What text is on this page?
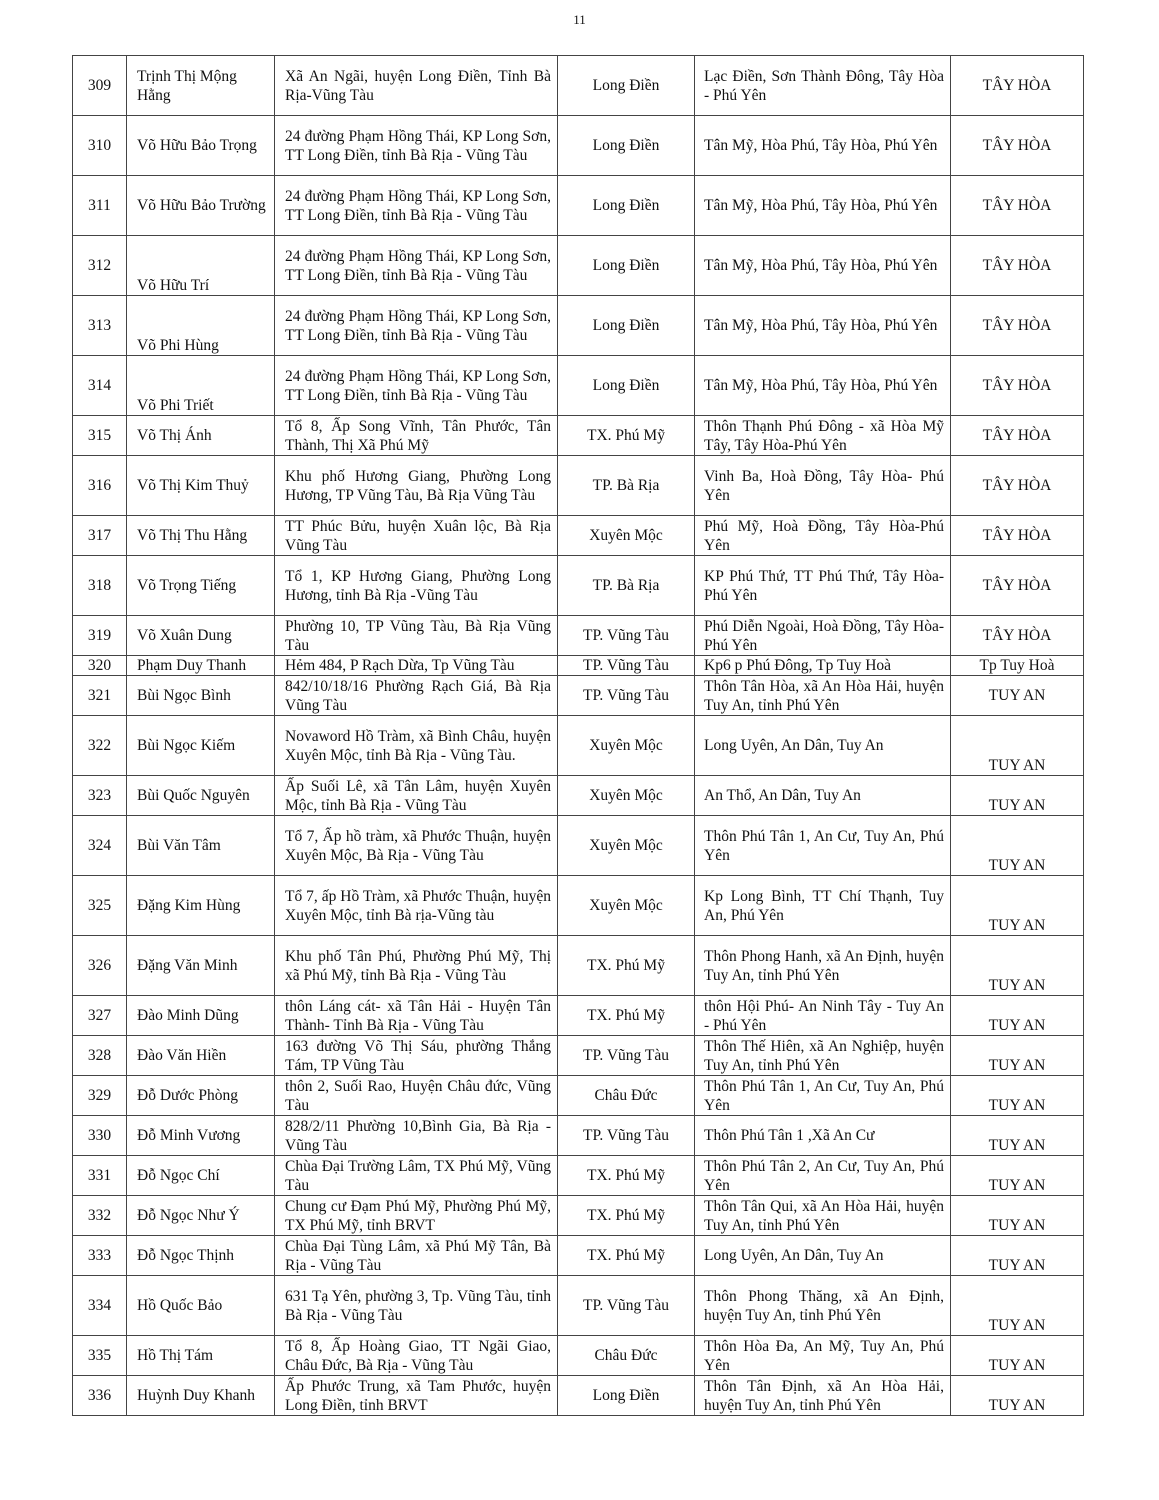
11
309	Trịnh Thị Mộng Hằng	Xã An Ngãi, huyện Long Điền, Tỉnh Bà Rịa-Vũng Tàu	Long Điền	Lạc Điền, Sơn Thành Đông, Tây Hòa - Phú Yên	TÂY HÒA
310	Võ Hữu Bảo Trọng	24 đường Phạm Hồng Thái, KP Long Sơn, TT Long Điền, tỉnh Bà Rịa - Vũng Tàu	Long Điền	Tân Mỹ, Hòa Phú, Tây Hòa, Phú Yên	TÂY HÒA
311	Võ Hữu Bảo Trường	24 đường Phạm Hồng Thái, KP Long Sơn, TT Long Điền, tỉnh Bà Rịa - Vũng Tàu	Long Điền	Tân Mỹ, Hòa Phú, Tây Hòa, Phú Yên	TÂY HÒA
312	Võ Hữu Trí	24 đường Phạm Hồng Thái, KP Long Sơn, TT Long Điền, tỉnh Bà Rịa - Vũng Tàu	Long Điền	Tân Mỹ, Hòa Phú, Tây Hòa, Phú Yên	TÂY HÒA
313	Võ Phi Hùng	24 đường Phạm Hồng Thái, KP Long Sơn, TT Long Điền, tỉnh Bà Rịa - Vũng Tàu	Long Điền	Tân Mỹ, Hòa Phú, Tây Hòa, Phú Yên	TÂY HÒA
314	Võ Phi Triết	24 đường Phạm Hồng Thái, KP Long Sơn, TT Long Điền, tỉnh Bà Rịa - Vũng Tàu	Long Điền	Tân Mỹ, Hòa Phú, Tây Hòa, Phú Yên	TÂY HÒA
315	Võ Thị Ánh	Tổ 8, Ấp Song Vĩnh, Tân Phước, Tân Thành, Thị Xã Phú Mỹ	TX. Phú Mỹ	Thôn Thạnh Phú Đông - xã Hòa Mỹ Tây, Tây Hòa-Phú Yên	TÂY HÒA
316	Võ Thị Kim Thuỷ	Khu phố Hương Giang, Phường Long Hương, TP Vũng Tàu, Bà Rịa Vũng Tàu	TP. Bà Rịa	Vinh Ba, Hoà Đồng, Tây Hòa- Phú Yên	TÂY HÒA
317	Võ Thị Thu Hằng	TT Phúc Bửu, huyện Xuân lộc, Bà Rịa Vũng Tàu	Xuyên Mộc	Phú Mỹ, Hoà Đồng, Tây Hòa-Phú Yên	TÂY HÒA
318	Võ Trọng Tiếng	Tổ 1, KP Hương Giang, Phường Long Hương, tỉnh Bà Rịa -Vũng Tàu	TP. Bà Rịa	KP Phú Thứ, TT Phú Thứ, Tây Hòa-Phú Yên	TÂY HÒA
319	Võ Xuân Dung	Phường 10, TP Vũng Tàu, Bà Rịa Vũng Tàu	TP. Vũng Tàu	Phú Diễn Ngoài, Hoà Đồng, Tây Hòa- Phú Yên	TÂY HÒA
320	Phạm Duy Thanh	Hẻm 484, P Rạch Dừa, Tp Vũng Tàu	TP. Vũng Tàu	Kp6 p Phú Đông, Tp Tuy Hoà	Tp Tuy Hoà
321	Bùi Ngọc Bình	842/10/18/16 Phường Rạch Giá, Bà Rịa Vũng Tàu	TP. Vũng Tàu	Thôn Tân Hòa, xã An Hòa Hải, huyện Tuy An, tỉnh Phú Yên	TUY AN
322	Bùi Ngọc Kiếm	Novaword Hồ Tràm, xã Bình Châu, huyện Xuyên Mộc, tỉnh Bà Rịa - Vũng Tàu.	Xuyên Mộc	Long Uyên, An Dân, Tuy An	TUY AN
323	Bùi Quốc Nguyên	Ấp Suối Lê, xã Tân Lâm, huyện Xuyên Mộc, tỉnh Bà Rịa - Vũng Tàu	Xuyên Mộc	An Thổ, An Dân, Tuy An	TUY AN
324	Bùi Văn Tâm	Tổ 7, Ấp hồ tràm, xã Phước Thuận, huyện Xuyên Mộc, Bà Rịa - Vũng Tàu	Xuyên Mộc	Thôn Phú Tân 1, An Cư, Tuy An, Phú Yên	TUY AN
325	Đặng Kim Hùng	Tổ 7, ấp Hồ Tràm, xã Phước Thuận, huyện Xuyên Mộc, tỉnh Bà rịa-Vũng tàu	Xuyên Mộc	Kp Long Bình, TT Chí Thạnh, Tuy An, Phú Yên	TUY AN
326	Đặng Văn Minh	Khu phố Tân Phú, Phường Phú Mỹ, Thị xã Phú Mỹ, tỉnh Bà Rịa - Vũng Tàu	TX. Phú Mỹ	Thôn Phong Hanh, xã An Định, huyện Tuy An, tỉnh Phú Yên	TUY AN
327	Đào Minh Dũng	thôn Láng cát- xã Tân Hải - Huyện Tân Thành- Tỉnh Bà Rịa - Vũng Tàu	TX. Phú Mỹ	thôn Hội Phú- An Ninh Tây - Tuy An - Phú Yên	TUY AN
328	Đào Văn Hiền	163 đường Võ Thị Sáu, phường Thắng Tám, TP Vũng Tàu	TP. Vũng Tàu	Thôn Thế Hiên, xã An Nghiệp, huyện Tuy An, tỉnh Phú Yên	TUY AN
329	Đỗ Dước Phòng	thôn 2, Suối Rao, Huyện Châu đức, Vũng Tàu	Châu Đức	Thôn Phú Tân 1, An Cư, Tuy An, Phú Yên	TUY AN
330	Đỗ Minh Vương	828/2/11 Phường 10,Bình Gia, Bà Rịa -Vũng Tàu	TP. Vũng Tàu	Thôn Phú Tân 1 ,Xã An Cư	TUY AN
331	Đỗ Ngọc Chí	Chùa Đại Trường Lâm, TX Phú Mỹ, Vũng Tàu	TX. Phú Mỹ	Thôn Phú Tân 2, An Cư, Tuy An, Phú Yên	TUY AN
332	Đỗ Ngọc Như Ý	Chung cư Đạm Phú Mỹ, Phường Phú Mỹ, TX Phú Mỹ, tỉnh BRVT	TX. Phú Mỹ	Thôn Tân Qui, xã An Hòa Hải, huyện Tuy An, tỉnh Phú Yên	TUY AN
333	Đỗ Ngọc Thịnh	Chùa Đại Tùng Lâm, xã Phú Mỹ Tân, Bà Rịa - Vũng Tàu	TX. Phú Mỹ	Long Uyên, An Dân, Tuy An	TUY AN
334	Hồ Quốc Bảo	631 Tạ Yên, phường 3, Tp. Vũng Tàu, tỉnh Bà Rịa - Vũng Tàu	TP. Vũng Tàu	Thôn Phong Thăng, xã An Định, huyện Tuy An, tỉnh Phú Yên	TUY AN
335	Hồ Thị Tám	Tổ 8, Ấp Hoàng Giao, TT Ngãi Giao, Châu Đức, Bà Rịa - Vũng Tàu	Châu Đức	Thôn Hòa Đa, An Mỹ, Tuy An, Phú Yên	TUY AN
336	Huỳnh Duy Khanh	Ấp Phước Trung, xã Tam Phước, huyện Long Điền, tỉnh BRVT	Long Điền	Thôn Tân Định, xã An Hòa Hải, huyện Tuy An, tỉnh Phú Yên	TUY AN
